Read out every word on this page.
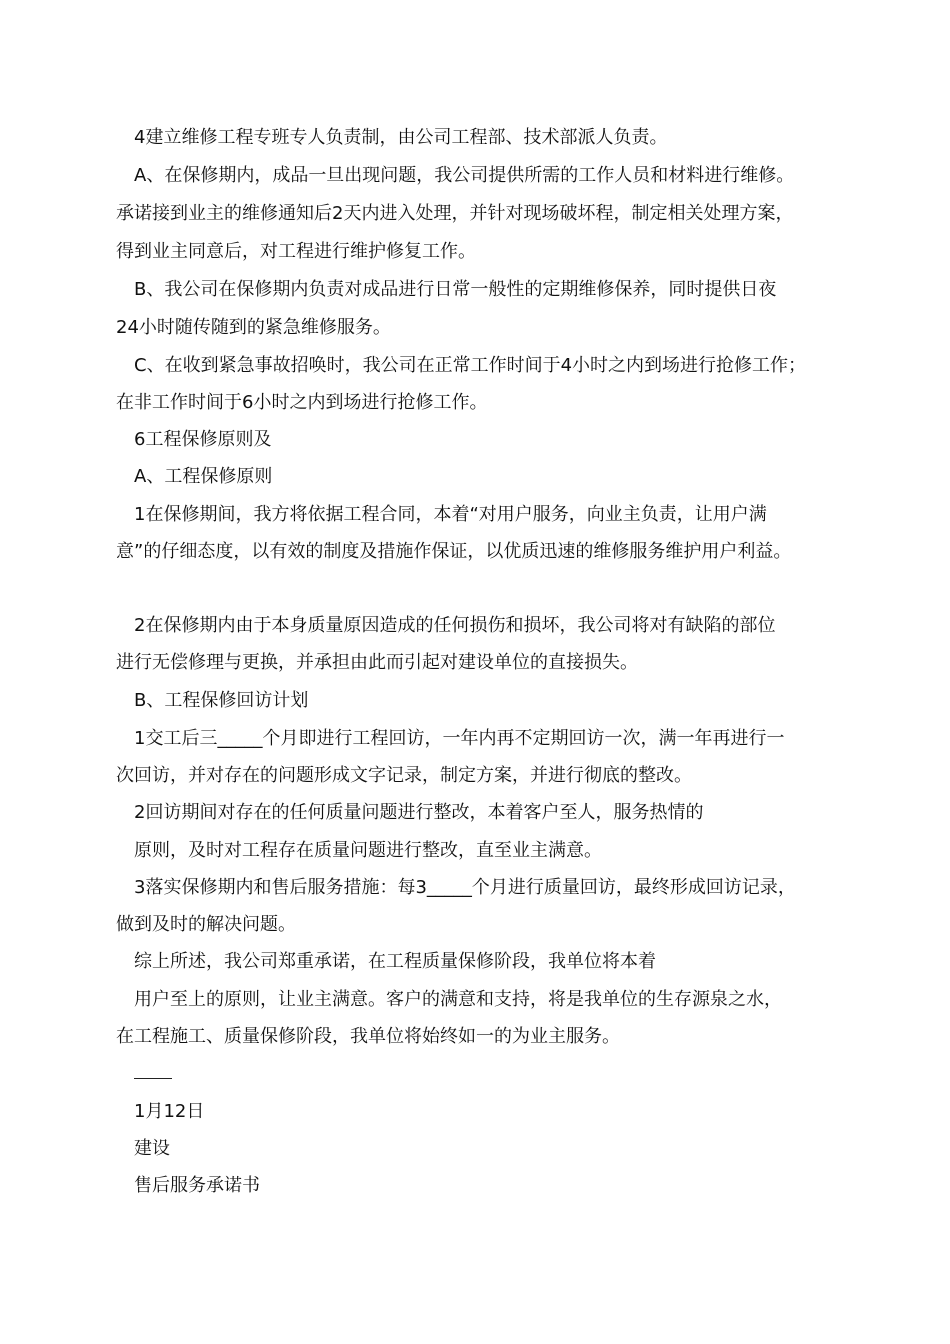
4建立维修工程专班专人负责制，由公司工程部、技术部派人负责。
A、在保修期内，成品一旦出现问题，我公司提供所需的工作人员和材料进行维修。
承诺接到业主的维修通知后2天内进入处理，并针对现场破坏程，制定相关处理方案，
得到业主同意后，对工程进行维护修复工作。
B、我公司在保修期内负责对成品进行日常一般性的定期维修保养，同时提供日夜
24小时随传随到的紧急维修服务。
C、在收到紧急事故招唤时，我公司在正常工作时间于4小时之内到场进行抢修工作；
在非工作时间于6小时之内到场进行抢修工作。
6工程保修原则及
A、工程保修原则
1在保修期间，我方将依据工程合同，本着“对用户服务，向业主负责，让用户满
意”的仔细态度，以有效的制度及措施作保证，以优质迅速的维修服务维护用户利益。
2在保修期内由于本身质量原因造成的任何损伤和损坏，我公司将对有缺陷的部位
进行无偿修理与更换，并承担由此而引起对建设单位的直接损失。
B、工程保修回访计划
1交工后三_____个月即进行工程回访，一年内再不定期回访一次，满一年再进行一
次回访，并对存在的问题形成文字记录，制定方案，并进行彻底的整改。
2回访期间对存在的任何质量问题进行整改，本着客户至人，服务热情的
原则，及时对工程存在质量问题进行整改，直至业主满意。
3落实保修期内和售后服务措施：每3_____个月进行质量回访，最终形成回访记录，
做到及时的解决问题。
综上所述，我公司郑重承诺，在工程质量保修阶段，我单位将本着
用户至上的原则，让业主满意。客户的满意和支持，将是我单位的生存源泉之水，
在工程施工、质量保修阶段，我单位将始终如一的为业主服务。
1月12日
建设
售后服务承诺书
